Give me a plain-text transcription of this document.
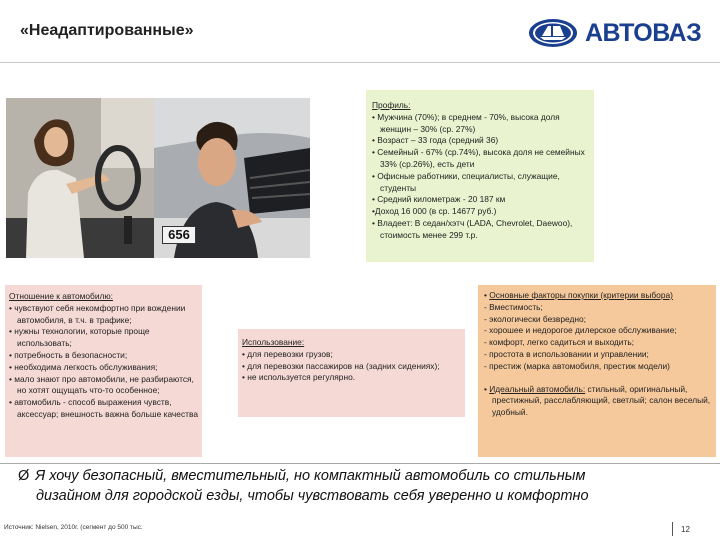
«Неадаптированные»	АВТОВАЗ
656
Профиль:
• Мужчина (70%); в среднем - 70%, высока доля женщин – 30% (ср. 27%)
• Возраст – 33 года (средний 36)
• Семейный - 67% (ср.74%), высока доля не семейных 33% (ср.26%), есть дети
• Офисные работники, специалисты, служащие, студенты
• Средний километраж - 20 187 км
•Доход 16 000 (в ср. 14677 руб.)
• Владеет: В седан/хэтч (LADA, Chevrolet, Daewoo), стоимость менее 299 т.р.
Отношение к автомобилю:
• чувствуют себя некомфортно при вождении автомобиля, в т.ч. в трафике;
• нужны технологии, которые проще использовать;
• потребность в безопасности;
• необходима легкость обслуживания;
• мало знают про автомобили, не разбираются, но хотят ощущать что-то особенное;
• автомобиль - способ выражения чувств, аксессуар; внешность важна больше качества
Использование:
• для перевозки грузов;
• для перевозки пассажиров на (задних сидениях);
• не используется регулярно.
• Основные факторы покупки (критерии выбора)
- Вместимость;
- экологически безвредно;
- хорошее и недорогое дилерское обслуживание;
- комфорт, легко садиться и выходить;
- простота в использовании и управлении;
- престиж (марка автомобиля, престиж модели)
• Идеальный автомобиль: стильный, оригинальный, престижный, расслабляющий, светлый; салон веселый, удобный.
Ø Я хочу безопасный, вместительный, но компактный автомобиль со стильным
дизайном для городской езды, чтобы чувствовать себя уверенно и комфортно
Источник: Nielsen, 2010г. (сегмент до 500 тыс.	12
